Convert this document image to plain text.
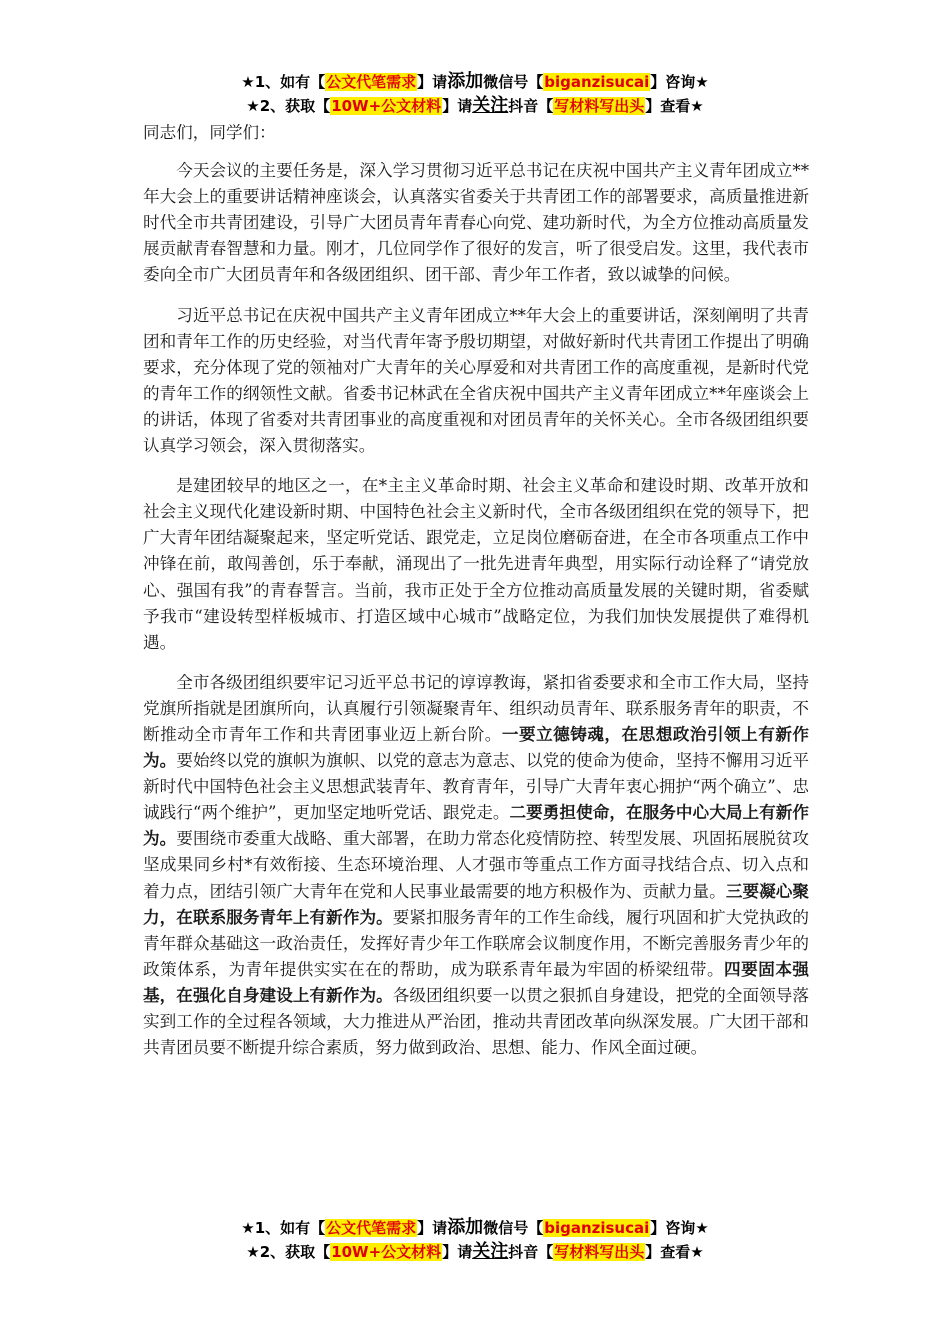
★1、如有【公文代笔需求】请添加微信号【biganzisucai】咨询★
★2、获取【10W+公文材料】请关注抖音【写材料写出头】查看★

同志们，同学们：

今天会议的主要任务是，深入学习贯彻习近平总书记在庆祝中国共产主义青年团成立**年大会上的重要讲话精神座谈会，认真落实省委关于共青团工作的部署要求，高质量推进新时代全市共青团建设，引导广大团员青年青春心向党、建功新时代，为全方位推动高质量发展贡献青春智慧和力量。刚才，几位同学作了很好的发言，听了很受启发。这里，我代表市委向全市广大团员青年和各级团组织、团干部、青少年工作者，致以诚挚的问候。

习近平总书记在庆祝中国共产主义青年团成立**年大会上的重要讲话，深刻阐明了共青团和青年工作的历史经验，对当代青年寄予殷切期望，对做好新时代共青团工作提出了明确要求，充分体现了党的领袖对广大青年的关心厚爱和对共青团工作的高度重视，是新时代党的青年工作的纲领性文献。省委书记林武在全省庆祝中国共产主义青年团成立**年座谈会上的讲话，体现了省委对共青团事业的高度重视和对团员青年的关怀关心。全市各级团组织要认真学习领会，深入贯彻落实。

是建团较早的地区之一，在*主主义革命时期、社会主义革命和建设时期、改革开放和社会主义现代化建设新时期、中国特色社会主义新时代，全市各级团组织在党的领导下，把广大青年团结凝聚起来，坚定听党话、跟党走，立足岗位磨砺奋进，在全市各项重点工作中冲锋在前，敢闯善创，乐于奉献，涌现出了一批先进青年典型，用实际行动诠释了“请党放心、强国有我”的青春誓言。当前，我市正处于全方位推动高质量发展的关键时期，省委赋予我市“建设转型样板城市、打造区域中心城市”战略定位，为我们加快发展提供了难得机遇。

全市各级团组织要牢记习近平总书记的谆谆教诲，紧扣省委要求和全市工作大局，坚持党旗所指就是团旗所向，认真履行引领凝聚青年、组织动员青年、联系服务青年的职责，不断推动全市青年工作和共青团事业迈上新台阶。一要立德铸魂，在思想政治引领上有新作为。要始终以党的旗帜为旗帜、以党的意志为意志、以党的使命为使命，坚持不懈用习近平新时代中国特色社会主义思想武装青年、教育青年，引导广大青年衷心拥护“两个确立”、忠诚践行“两个维护”，更加坚定地听党话、跟党走。二要勇担使命，在服务中心大局上有新作为。要围绕市委重大战略、重大部署，在助力常态化疫情防控、转型发展、巩固拓展脱贫攻坚成果同乡村*有效衔接、生态环境治理、人才强市等重点工作方面寻找结合点、切入点和着力点，团结引领广大青年在党和人民事业最需要的地方积极作为、贡献力量。三要凝心聚力，在联系服务青年上有新作为。要紧扣服务青年的工作生命线，履行巩固和扩大党执政的青年群众基础这一政治责任，发挥好青少年工作联席会议制度作用，不断完善服务青少年的政策体系，为青年提供实实在在的帮助，成为联系青年最为牢固的桥梁纽带。四要固本强基，在强化自身建设上有新作为。各级团组织要一以贯之狠抓自身建设，把党的全面领导落实到工作的全过程各领域，大力推进从严治团，推动共青团改革向纵深发展。广大团干部和共青团员要不断提升综合素质，努力做到政治、思想、能力、作风全面过硬。

★1、如有【公文代笔需求】请添加微信号【biganzisucai】咨询★
★2、获取【10W+公文材料】请关注抖音【写材料写出头】查看★
